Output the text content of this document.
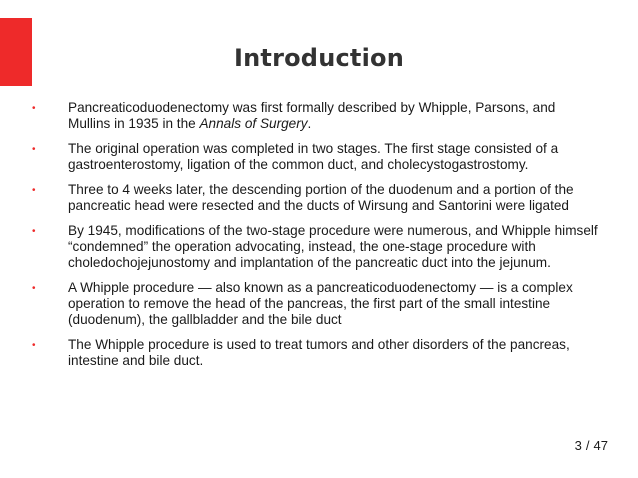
Introduction
• Pancreaticoduodenectomy was first formally described by Whipple, Parsons, and Mullins in 1935 in the Annals of Surgery.
• The original operation was completed in two stages. The first stage consisted of a gastroenterostomy, ligation of the common duct, and cholecystogastrostomy.
• Three to 4 weeks later, the descending portion of the duodenum and a portion of the pancreatic head were resected and the ducts of Wirsung and Santorini were ligated
• By 1945, modifications of the two-stage procedure were numerous, and Whipple himself “condemned” the operation advocating, instead, the one-stage procedure with choledochojejunostomy and implantation of the pancreatic duct into the jejunum.
• A Whipple procedure — also known as a pancreaticoduodenectomy — is a complex operation to remove the head of the pancreas, the first part of the small intestine (duodenum), the gallbladder and the bile duct
• The Whipple procedure is used to treat tumors and other disorders of the pancreas, intestine and bile duct.
3 / 47
